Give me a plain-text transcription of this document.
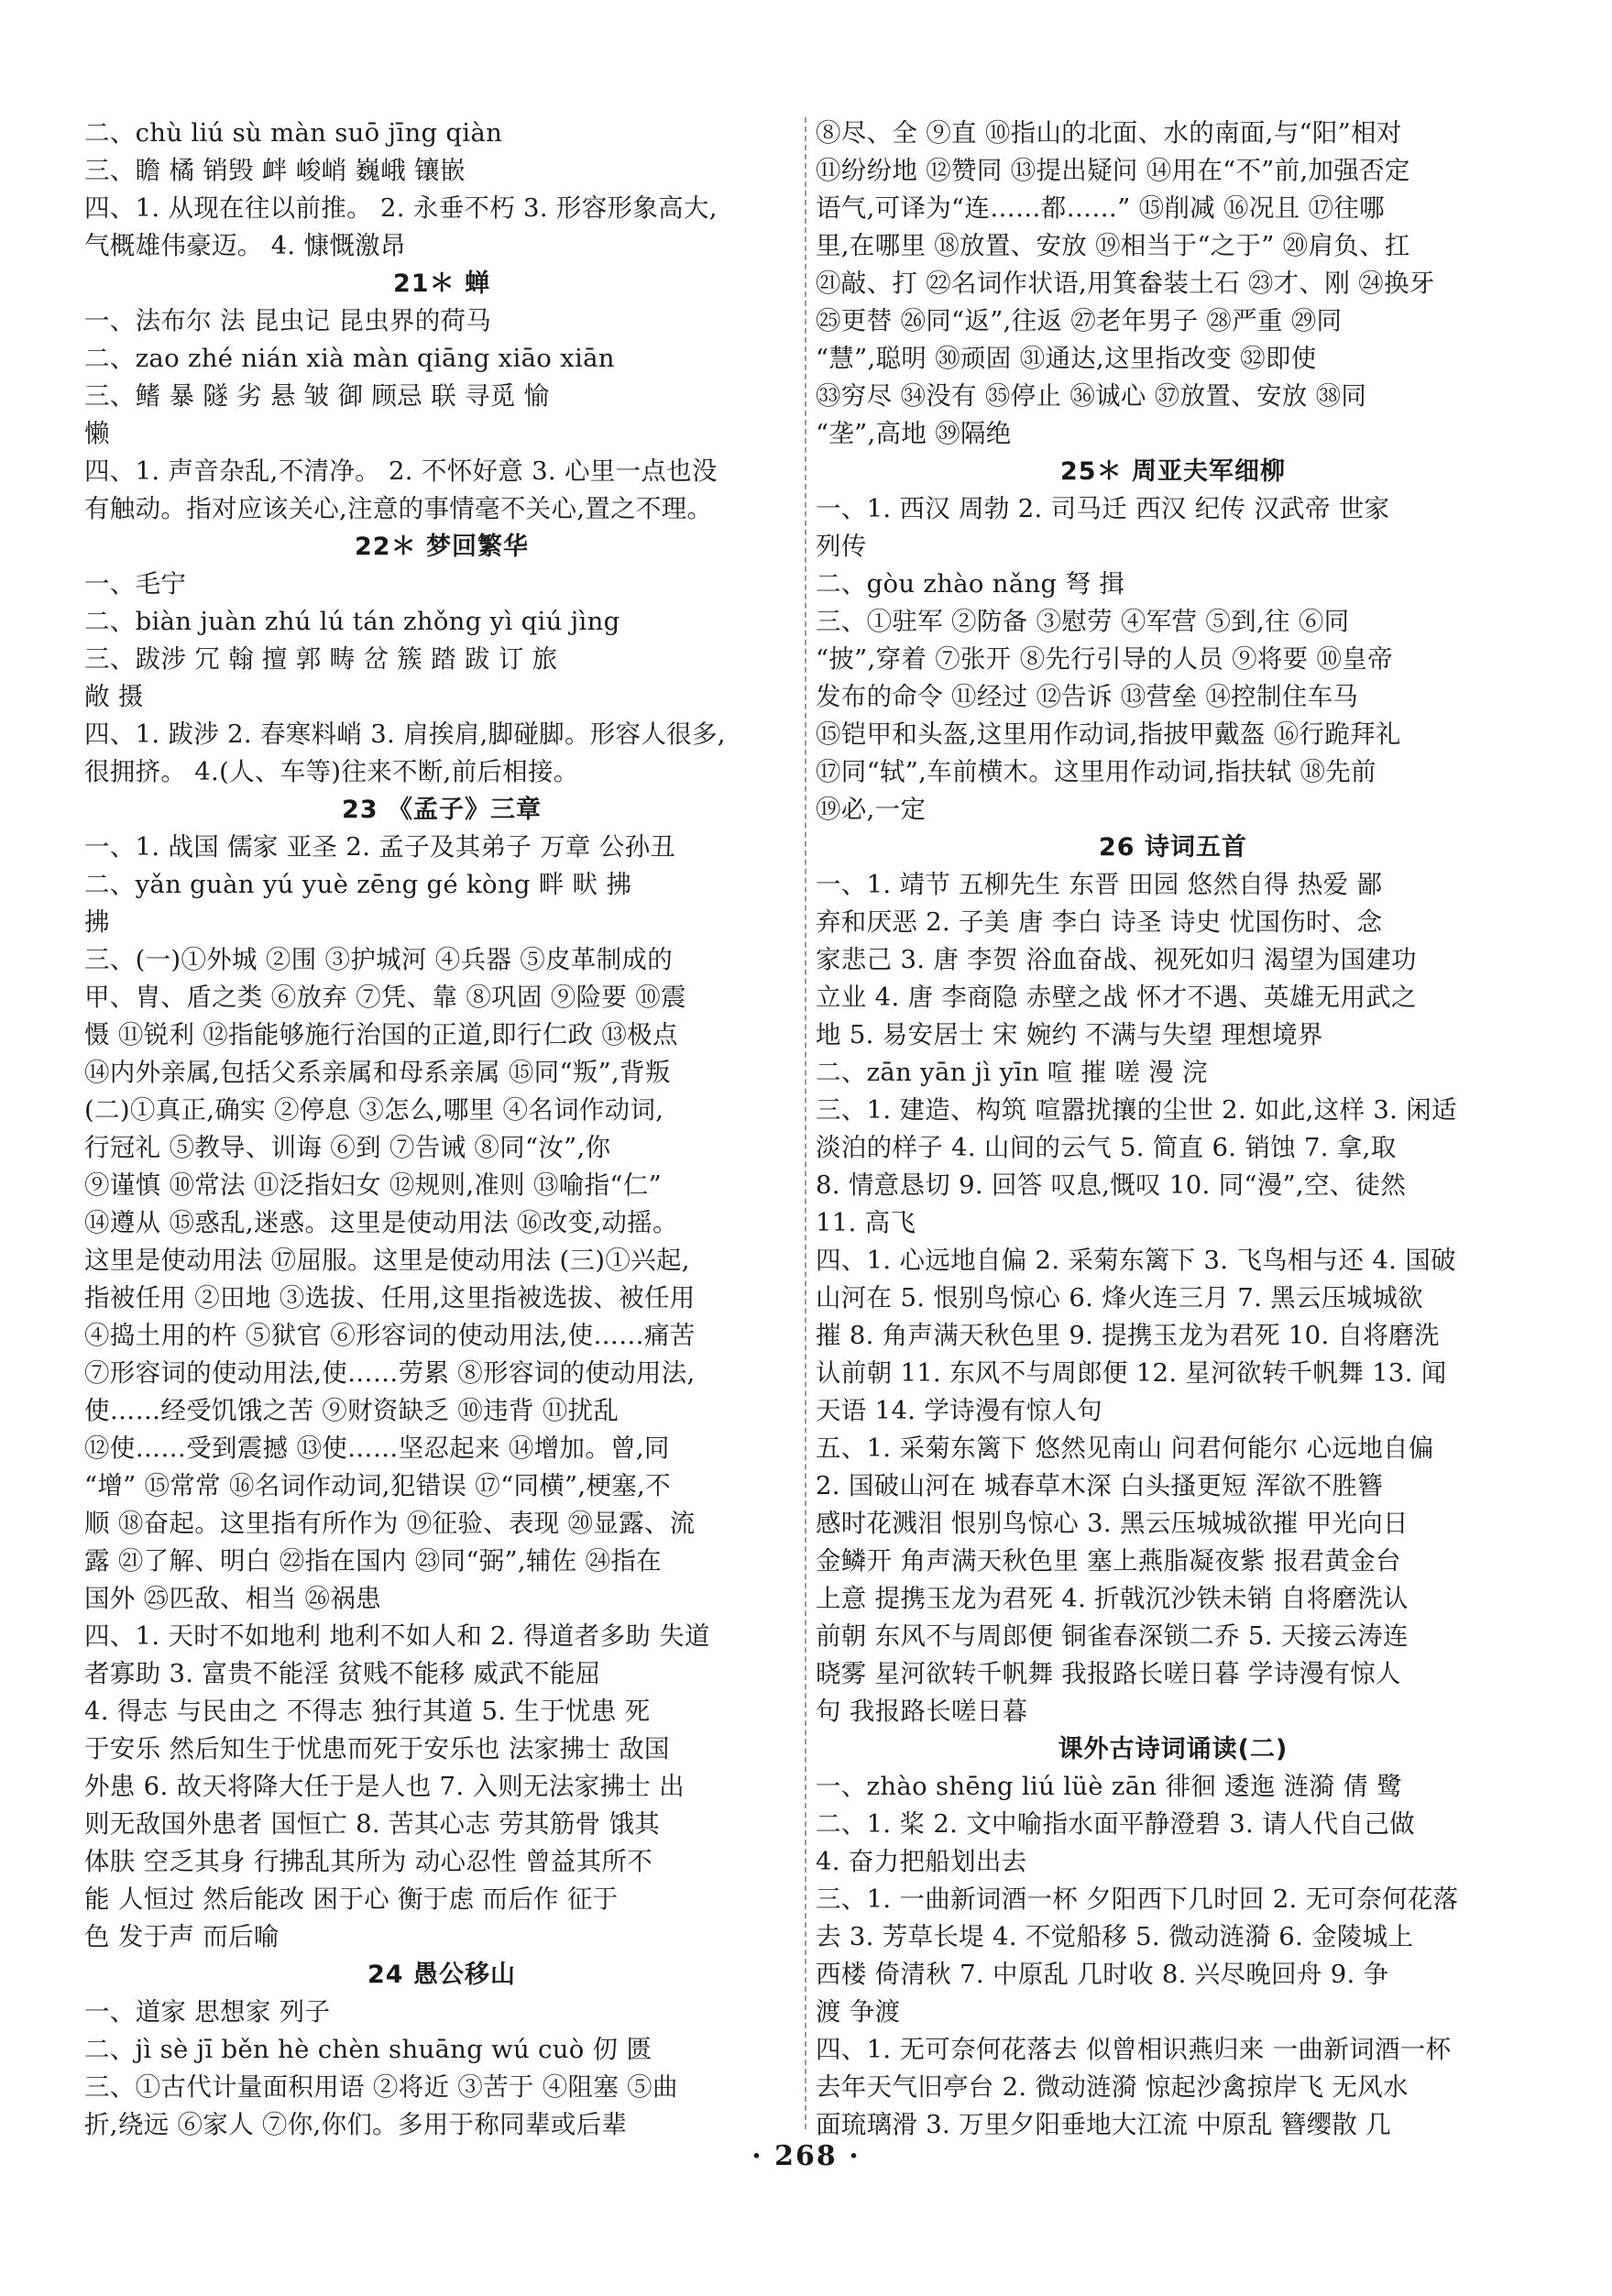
二、chù liú sù màn suō jīng qiàn
三、瞻 橘 销毁 衅 峻峭 巍峨 镶嵌
四、1. 从现在往以前推。 2. 永垂不朽 3. 形容形象高大,
气概雄伟豪迈。 4. 慷慨激昂
21＊ 蝉
一、法布尔 法 昆虫记 昆虫界的荷马
二、zao zhé nián xià màn qiāng xiāo xiān
三、鳍 暴 隧 劣 悬 皱 御 顾忌 联 寻觅 愉
懒
四、1. 声音杂乱,不清净。 2. 不怀好意 3. 心里一点也没
有触动。指对应该关心,注意的事情毫不关心,置之不理。
22＊ 梦回繁华
一、毛宁
二、biàn juàn zhú lú tán zhǒng yì qiú jìng
三、跋涉 冗 翰 擅 郭 畴 岔 簇 踏 跋 订 旅
敞 摄
四、1. 跋涉 2. 春寒料峭 3. 肩挨肩,脚碰脚。形容人很多,
很拥挤。 4.(人、车等)往来不断,前后相接。
23 《孟子》三章
一、1. 战国 儒家 亚圣 2. 孟子及其弟子 万章 公孙丑
二、yǎn guàn yú yuè zēng gé kòng 畔 畎 拂
拂
三、(一)①外城 ②围 ③护城河 ④兵器 ⑤皮革制成的
甲、胄、盾之类 ⑥放弃 ⑦凭、靠 ⑧巩固 ⑨险要 ⑩震
慑 ⑪锐利 ⑫指能够施行治国的正道,即行仁政 ⑬极点
⑭内外亲属,包括父系亲属和母系亲属 ⑮同“叛”,背叛
(二)①真正,确实 ②停息 ③怎么,哪里 ④名词作动词,
行冠礼 ⑤教导、训诲 ⑥到 ⑦告诫 ⑧同“汝”,你
⑨谨慎 ⑩常法 ⑪泛指妇女 ⑫规则,准则 ⑬喻指“仁”
⑭遵从 ⑮惑乱,迷惑。这里是使动用法 ⑯改变,动摇。
这里是使动用法 ⑰屈服。这里是使动用法 (三)①兴起,
指被任用 ②田地 ③选拔、任用,这里指被选拔、被任用
④捣土用的杵 ⑤狱官 ⑥形容词的使动用法,使……痛苦
⑦形容词的使动用法,使……劳累 ⑧形容词的使动用法,
使……经受饥饿之苦 ⑨财资缺乏 ⑩违背 ⑪扰乱
⑫使……受到震撼 ⑬使……坚忍起来 ⑭增加。曾,同
“增” ⑮常常 ⑯名词作动词,犯错误 ⑰“同横”,梗塞,不
顺 ⑱奋起。这里指有所作为 ⑲征验、表现 ⑳显露、流
露 ㉑了解、明白 ㉒指在国内 ㉓同“弼”,辅佐 ㉔指在
国外 ㉕匹敌、相当 ㉖祸患
四、1. 天时不如地利 地利不如人和 2. 得道者多助 失道
者寡助 3. 富贵不能淫 贫贱不能移 威武不能屈
4. 得志 与民由之 不得志 独行其道 5. 生于忧患 死
于安乐 然后知生于忧患而死于安乐也 法家拂士 敌国
外患 6. 故天将降大任于是人也 7. 入则无法家拂士 出
则无敌国外患者 国恒亡 8. 苦其心志 劳其筋骨 饿其
体肤 空乏其身 行拂乱其所为 动心忍性 曾益其所不
能 人恒过 然后能改 困于心 衡于虑 而后作 征于
色 发于声 而后喻
24 愚公移山
一、道家 思想家 列子
二、jì sè jī běn hè chèn shuāng wú cuò 仞 匮
三、①古代计量面积用语 ②将近 ③苦于 ④阻塞 ⑤曲
折,绕远 ⑥家人 ⑦你,你们。多用于称同辈或后辈
⑧尽、全 ⑨直 ⑩指山的北面、水的南面,与“阳”相对
⑪纷纷地 ⑫赞同 ⑬提出疑问 ⑭用在“不”前,加强否定
语气,可译为“连……都……” ⑮削减 ⑯况且 ⑰往哪
里,在哪里 ⑱放置、安放 ⑲相当于“之于” ⑳肩负、扛
㉑敲、打 ㉒名词作状语,用箕畚装土石 ㉓才、刚 ㉔换牙
㉕更替 ㉖同“返”,往返 ㉗老年男子 ㉘严重 ㉙同
“慧”,聪明 ㉚顽固 ㉛通达,这里指改变 ㉜即使
㉝穷尽 ㉞没有 ㉟停止 ㊱诚心 ㊲放置、安放 ㊳同
“垄”,高地 ㊴隔绝
25＊ 周亚夫军细柳
一、1. 西汉 周勃 2. 司马迁 西汉 纪传 汉武帝 世家
列传
二、gòu zhào nǎng 弩 揖
三、①驻军 ②防备 ③慰劳 ④军营 ⑤到,往 ⑥同
“披”,穿着 ⑦张开 ⑧先行引导的人员 ⑨将要 ⑩皇帝
发布的命令 ⑪经过 ⑫告诉 ⑬营垒 ⑭控制住车马
⑮铠甲和头盔,这里用作动词,指披甲戴盔 ⑯行跪拜礼
⑰同“轼”,车前横木。这里用作动词,指扶轼 ⑱先前
⑲必,一定
26 诗词五首
一、1. 靖节 五柳先生 东晋 田园 悠然自得 热爱 鄙
弃和厌恶 2. 子美 唐 李白 诗圣 诗史 忧国伤时、念
家悲己 3. 唐 李贺 浴血奋战、视死如归 渴望为国建功
立业 4. 唐 李商隐 赤壁之战 怀才不遇、英雄无用武之
地 5. 易安居士 宋 婉约 不满与失望 理想境界
二、zān yān jì yīn 喧 摧 嗟 漫 浣
三、1. 建造、构筑 喧嚣扰攘的尘世 2. 如此,这样 3. 闲适
淡泊的样子 4. 山间的云气 5. 简直 6. 销蚀 7. 拿,取
8. 情意恳切 9. 回答 叹息,慨叹 10. 同“漫”,空、徒然
11. 高飞
四、1. 心远地自偏 2. 采菊东篱下 3. 飞鸟相与还 4. 国破
山河在 5. 恨别鸟惊心 6. 烽火连三月 7. 黑云压城城欲
摧 8. 角声满天秋色里 9. 提携玉龙为君死 10. 自将磨洗
认前朝 11. 东风不与周郎便 12. 星河欲转千帆舞 13. 闻
天语 14. 学诗漫有惊人句
五、1. 采菊东篱下 悠然见南山 问君何能尔 心远地自偏
2. 国破山河在 城春草木深 白头搔更短 浑欲不胜簪
感时花溅泪 恨别鸟惊心 3. 黑云压城城欲摧 甲光向日
金鳞开 角声满天秋色里 塞上燕脂凝夜紫 报君黄金台
上意 提携玉龙为君死 4. 折戟沉沙铁未销 自将磨洗认
前朝 东风不与周郎便 铜雀春深锁二乔 5. 天接云涛连
晓雾 星河欲转千帆舞 我报路长嗟日暮 学诗漫有惊人
句 我报路长嗟日暮
课外古诗词诵读(二)
一、zhào shēng liú lüè zān 徘徊 逶迤 涟漪 倩 鹭
二、1. 桨 2. 文中喻指水面平静澄碧 3. 请人代自己做
4. 奋力把船划出去
三、1. 一曲新词酒一杯 夕阳西下几时回 2. 无可奈何花落
去 3. 芳草长堤 4. 不觉船移 5. 微动涟漪 6. 金陵城上
西楼 倚清秋 7. 中原乱 几时收 8. 兴尽晚回舟 9. 争
渡 争渡
四、1. 无可奈何花落去 似曾相识燕归来 一曲新词酒一杯
去年天气旧亭台 2. 微动涟漪 惊起沙禽掠岸飞 无风水
面琉璃滑 3. 万里夕阳垂地大江流 中原乱 簪缨散 几
· 268 ·
